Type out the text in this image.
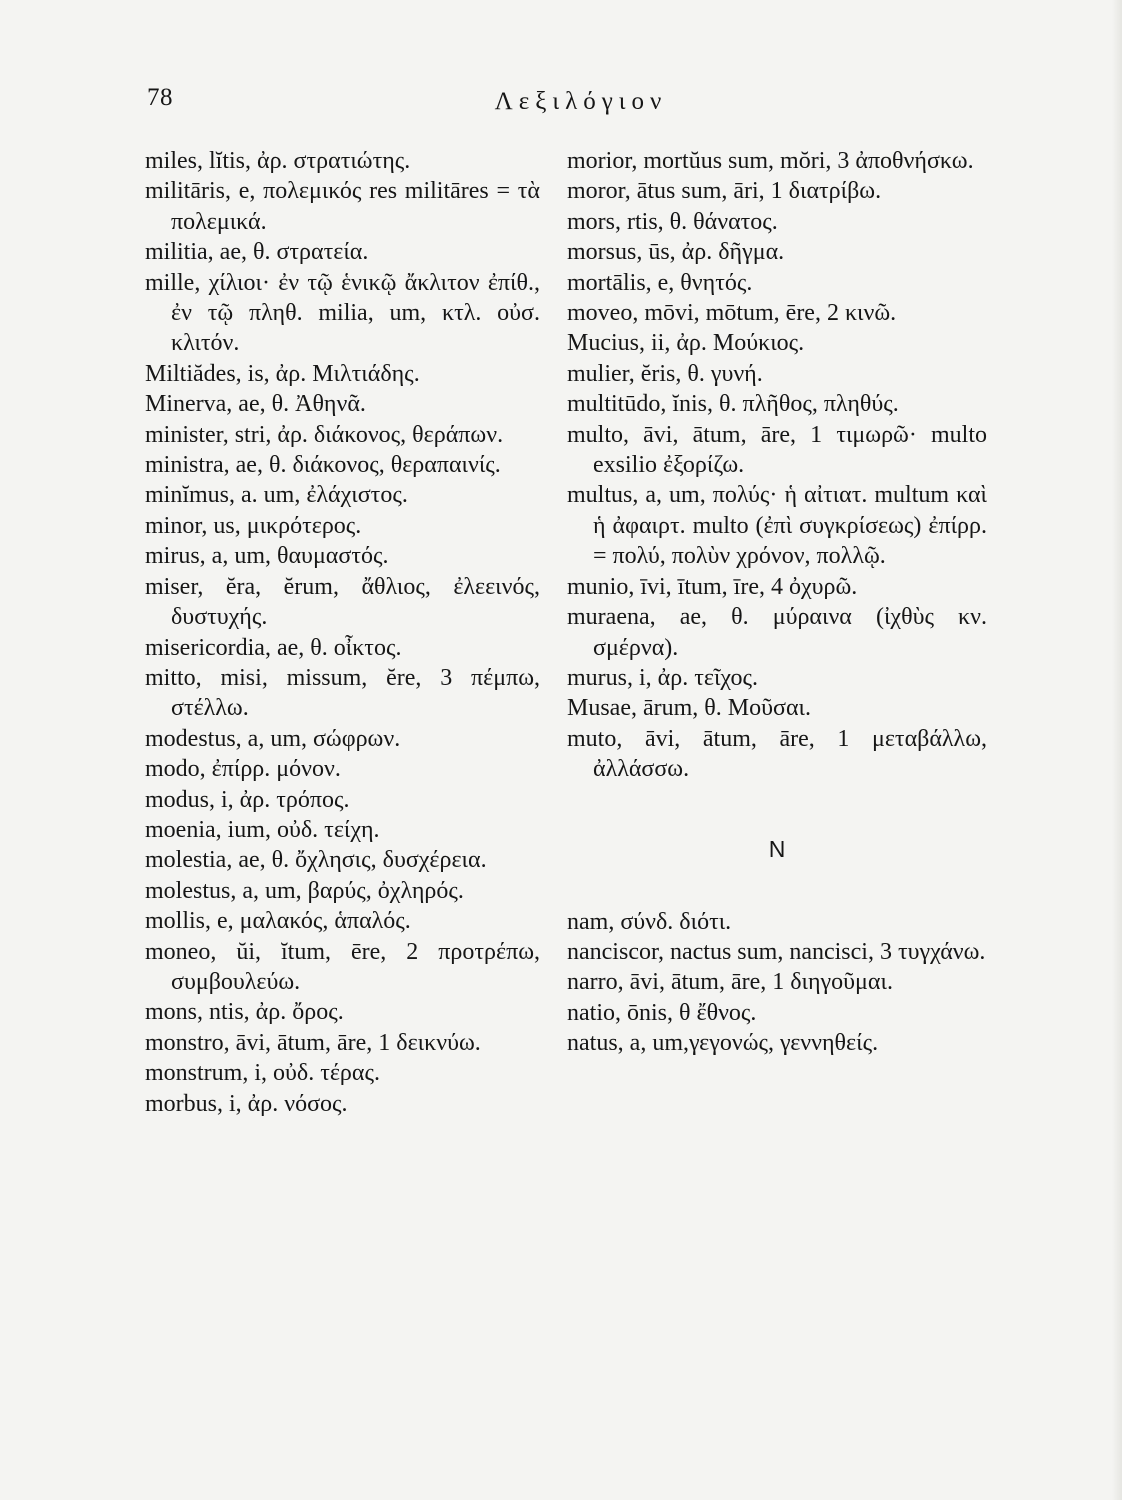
78	Λεξιλόγιον

miles, lĭtis, ἀρ. στρατιώτης.

militāris, e, πολεμικός res militāres = τὰ πολεμικά.

militia, ae, θ. στρατεία.

mille, χίλιοι· ἐν τῷ ἑνικῷ ἄκλιτον ἐπίθ., ἐν τῷ πληθ. milia, um, κτλ. οὐσ. κλιτόν.

Miltiădes, is, ἀρ. Μιλτιάδης.

Minerva, ae, θ. Ἀθηνᾶ.

minister, stri, ἀρ. διάκονος, θεράπων.

ministra, ae, θ. διάκονος, θεραπαινίς.

minĭmus, a. um, ἐλάχιστος.

minor, us, μικρότερος.

mirus, a, um, θαυμαστός.

miser, ĕra, ĕrum, ἄθλιος, ἐλεεινός, δυστυχής.

misericordia, ae, θ. οἶκτος.

mitto, misi, missum, ĕre, 3 πέμπω, στέλλω.

modestus, a, um, σώφρων.

modo, ἐπίρρ. μόνον.

modus, i, ἀρ. τρόπος.

moenia, ium, οὐδ. τείχη.

molestia, ae, θ. ὄχλησις, δυσχέρεια.

molestus, a, um, βαρύς, ὀχληρός.

mollis, e, μαλακός, ἁπαλός.

moneo, ŭi, ĭtum, ēre, 2 προτρέπω, συμβουλεύω.

mons, ntis, ἀρ. ὄρος.

monstro, āvi, ātum, āre, 1 δεικνύω.

monstrum, i, οὐδ. τέρας.

morbus, i, ἀρ. νόσος.

morior, mortŭus sum, mŏri, 3 ἀποθνήσκω.

moror, ātus sum, āri, 1 διατρίβω.

mors, rtis, θ. θάνατος.

morsus, ūs, ἀρ. δῆγμα.

mortālis, e, θνητός.

moveo, mōvi, mōtum, ēre, 2 κινῶ.

Mucius, ii, ἀρ. Μούκιος.

mulier, ĕris, θ. γυνή.

multitūdo, ĭnis, θ. πλῆθος, πληθύς.

multo, āvi, ātum, āre, 1 τιμωρῶ· multo exsilio ἐξορίζω.

multus, a, um, πολύς· ἡ αἰτιατ. multum καὶ ἡ ἀφαιρτ. multo (ἐπὶ συγκρίσεως) ἐπίρρ. = πολύ, πολὺν χρόνον, πολλῷ.

munio, īvi, ītum, īre, 4 ὀχυρῶ.

muraena, ae, θ. μύραινα (ἰχθὺς κν. σμέρνα).

murus, i, ἀρ. τεῖχος.

Musae, ārum, θ. Μοῦσαι.

muto, āvi, ātum, āre, 1 μεταβάλλω, ἀλλάσσω.

N

nam, σύνδ. διότι.

nanciscor, nactus sum, nancisci, 3 τυγχάνω.

narro, āvi, ātum, āre, 1 διηγοῦμαι.

natio, ōnis, θ ἔθνος.

natus, a, um,γεγονώς, γεννηθείς.
